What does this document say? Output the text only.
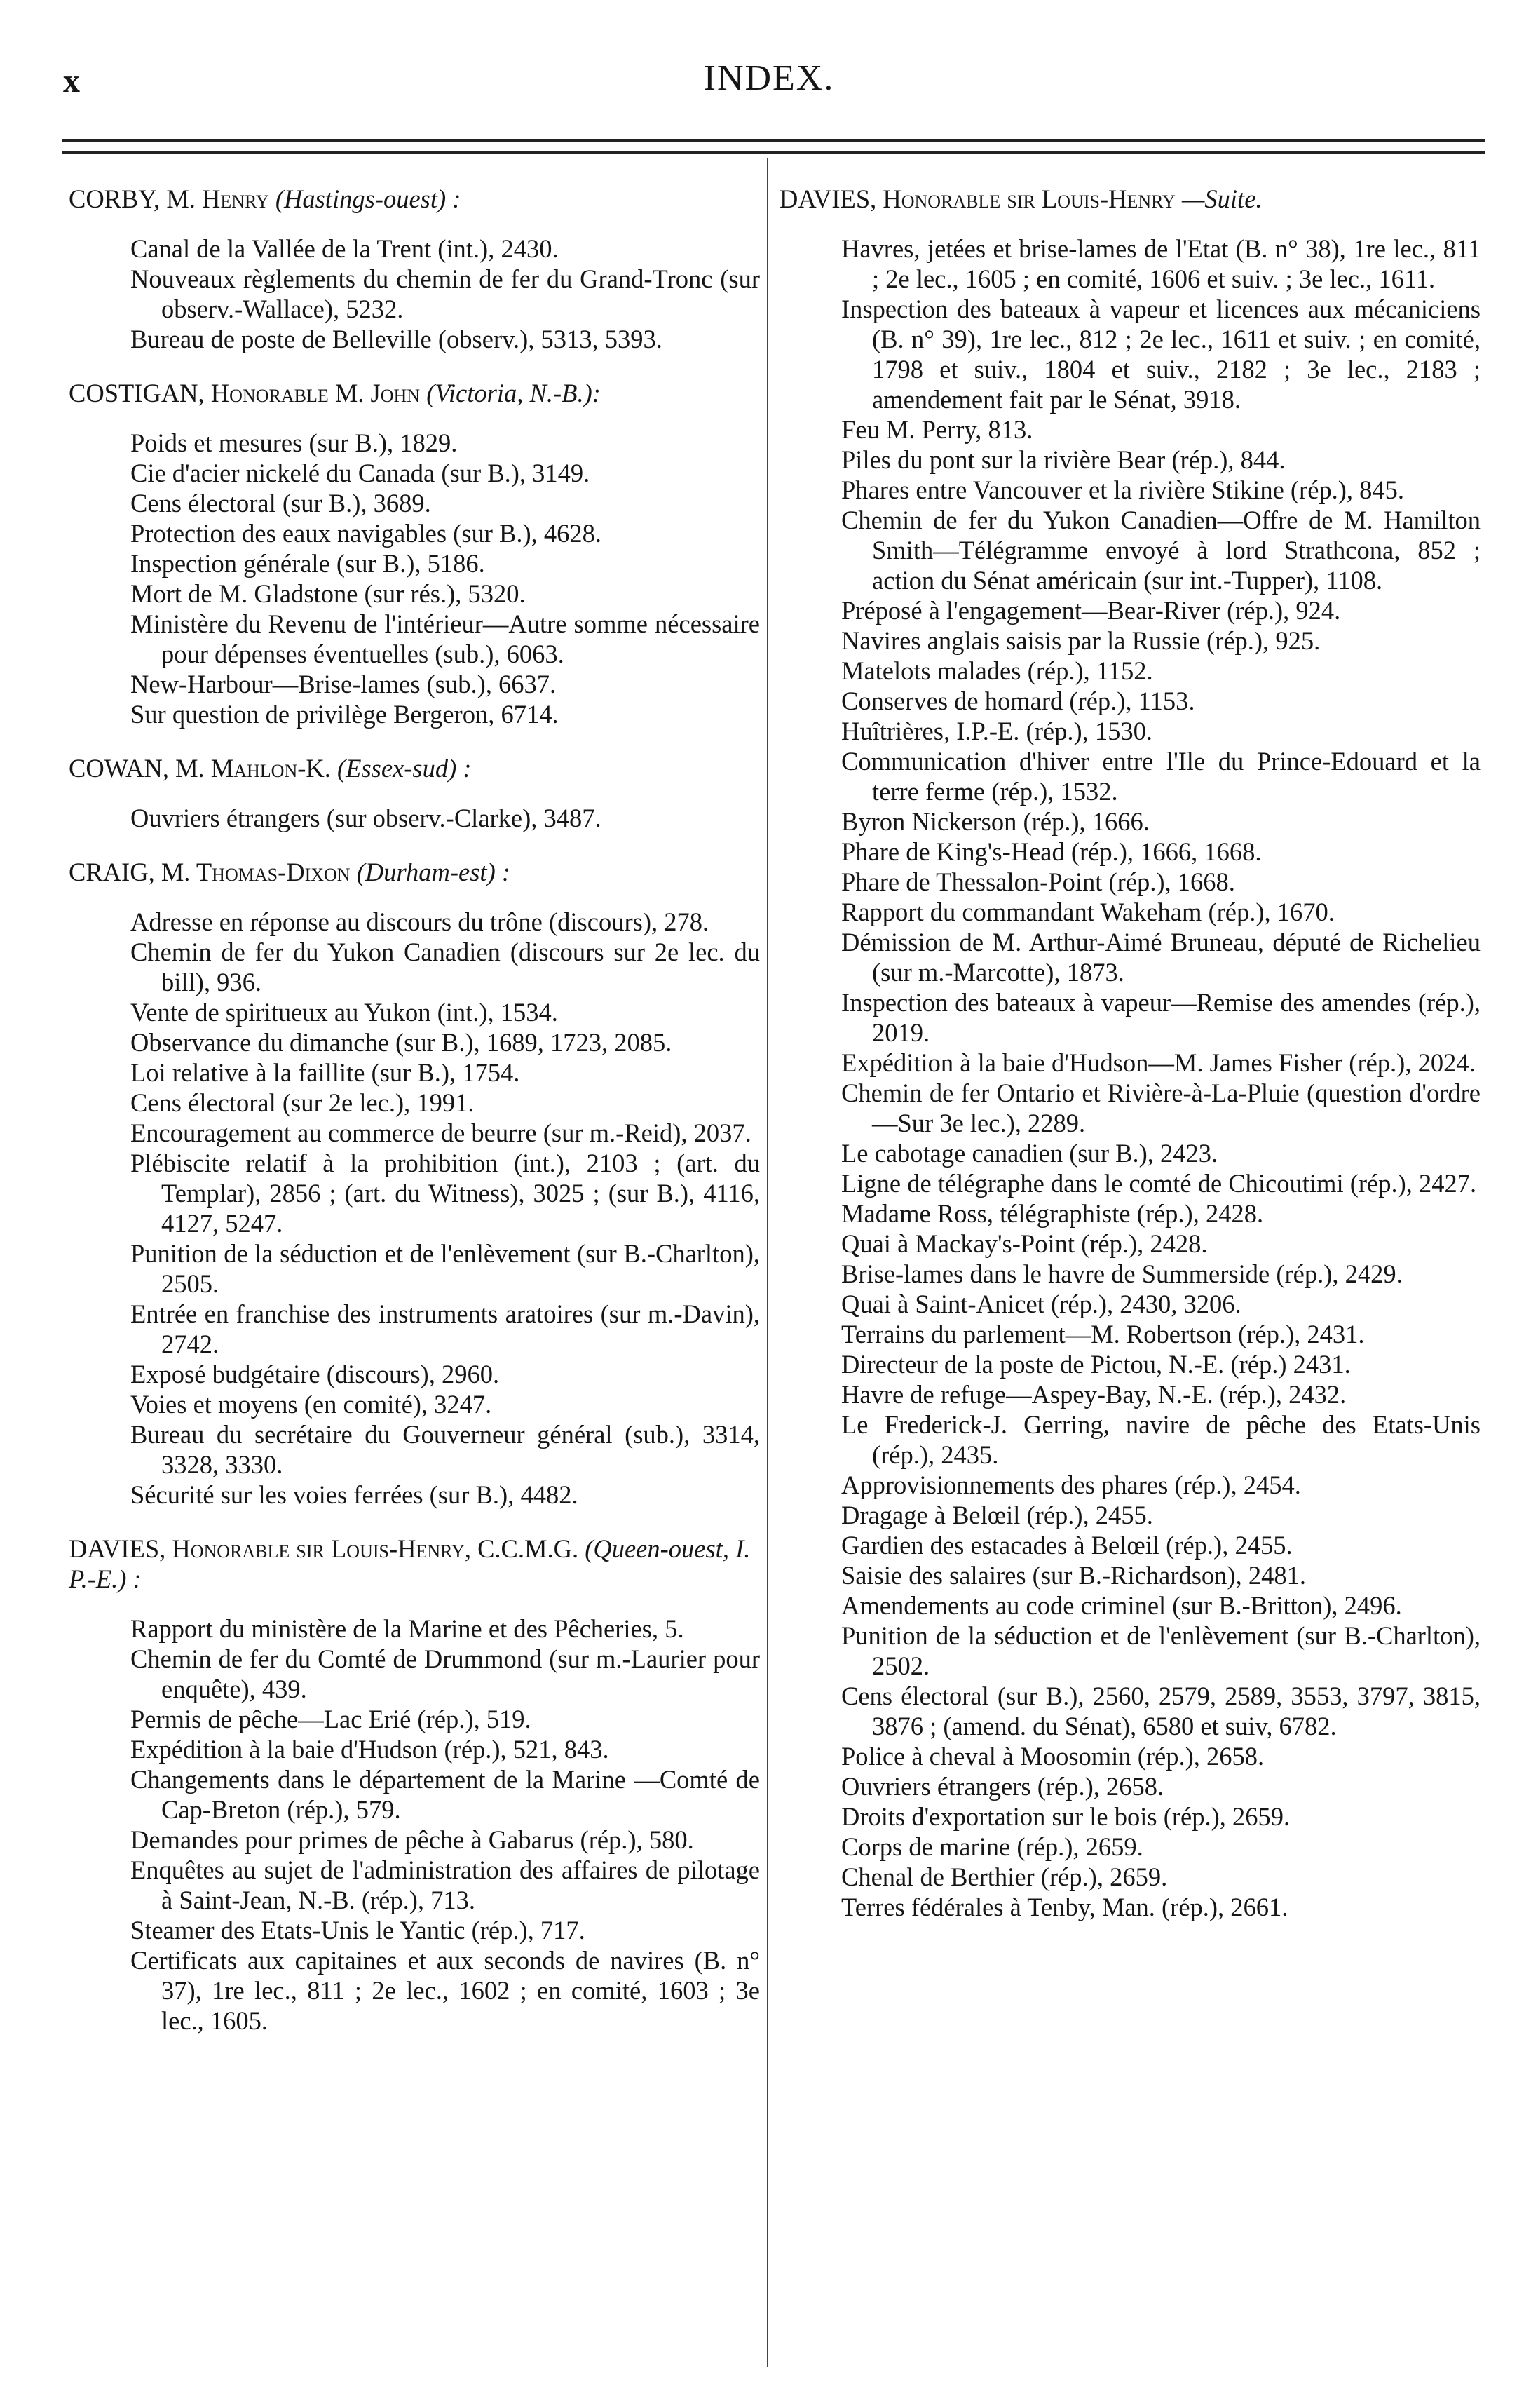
x	INDEX.
CORBY, M. Henry (Hastings-ouest) :
Canal de la Vallée de la Trent (int.), 2430.
Nouveaux règlements du chemin de fer du Grand-Tronc (sur observ.-Wallace), 5232.
Bureau de poste de Belleville (observ.), 5313, 5393.
COSTIGAN, Honorable M. John (Victoria, N.-B.):
Poids et mesures (sur B.), 1829.
Cie d'acier nickelé du Canada (sur B.), 3149.
Cens électoral (sur B.), 3689.
Protection des eaux navigables (sur B.), 4628.
Inspection générale (sur B.), 5186.
Mort de M. Gladstone (sur rés.), 5320.
Ministère du Revenu de l'intérieur—Autre somme nécessaire pour dépenses éventuelles (sub.), 6063.
New-Harbour—Brise-lames (sub.), 6637.
Sur question de privilège Bergeron, 6714.
COWAN, M. Mahlon-K. (Essex-sud) :
Ouvriers étrangers (sur observ.-Clarke), 3487.
CRAIG, M. Thomas-Dixon (Durham-est) :
Adresse en réponse au discours du trône (discours), 278.
Chemin de fer du Yukon Canadien (discours sur 2e lec. du bill), 936.
Vente de spiritueux au Yukon (int.), 1534.
Observance du dimanche (sur B.), 1689, 1723, 2085.
Loi relative à la faillite (sur B.), 1754.
Cens électoral (sur 2e lec.), 1991.
Encouragement au commerce de beurre (sur m.-Reid), 2037.
Plébiscite relatif à la prohibition (int.), 2103 ; (art. du Templar), 2856 ; (art. du Witness), 3025 ; (sur B.), 4116, 4127, 5247.
Punition de la séduction et de l'enlèvement (sur B.-Charlton), 2505.
Entrée en franchise des instruments aratoires (sur m.-Davin), 2742.
Exposé budgétaire (discours), 2960.
Voies et moyens (en comité), 3247.
Bureau du secrétaire du Gouverneur général (sub.), 3314, 3328, 3330.
Sécurité sur les voies ferrées (sur B.), 4482.
DAVIES, Honorable sir Louis-Henry, C.C.M.G. (Queen-ouest, I. P.-E.) :
Rapport du ministère de la Marine et des Pêcheries, 5.
Chemin de fer du Comté de Drummond (sur m.-Laurier pour enquête), 439.
Permis de pêche—Lac Erié (rép.), 519.
Expédition à la baie d'Hudson (rép.), 521, 843.
Changements dans le département de la Marine —Comté de Cap-Breton (rép.), 579.
Demandes pour primes de pêche à Gabarus (rép.), 580.
Enquêtes au sujet de l'administration des affaires de pilotage à Saint-Jean, N.-B. (rép.), 713.
Steamer des Etats-Unis le Yantic (rép.), 717.
Certificats aux capitaines et aux seconds de navires (B. n° 37), 1re lec., 811 ; 2e lec., 1602 ; en comité, 1603 ; 3e lec., 1605.
DAVIES, Honorable sir Louis-Henry —Suite.
Havres, jetées et brise-lames de l'Etat (B. n° 38), 1re lec., 811 ; 2e lec., 1605 ; en comité, 1606 et suiv. ; 3e lec., 1611.
Inspection des bateaux à vapeur et licences aux mécaniciens (B. n° 39), 1re lec., 812 ; 2e lec., 1611 et suiv. ; en comité, 1798 et suiv., 1804 et suiv., 2182 ; 3e lec., 2183 ; amendement fait par le Sénat, 3918.
Feu M. Perry, 813.
Piles du pont sur la rivière Bear (rép.), 844.
Phares entre Vancouver et la rivière Stikine (rép.), 845.
Chemin de fer du Yukon Canadien—Offre de M. Hamilton Smith—Télégramme envoyé à lord Strathcona, 852 ; action du Sénat américain (sur int.-Tupper), 1108.
Préposé à l'engagement—Bear-River (rép.), 924.
Navires anglais saisis par la Russie (rép.), 925.
Matelots malades (rép.), 1152.
Conserves de homard (rép.), 1153.
Huîtrières, I.P.-E. (rép.), 1530.
Communication d'hiver entre l'Ile du Prince-Edouard et la terre ferme (rép.), 1532.
Byron Nickerson (rép.), 1666.
Phare de King's-Head (rép.), 1666, 1668.
Phare de Thessalon-Point (rép.), 1668.
Rapport du commandant Wakeham (rép.), 1670.
Démission de M. Arthur-Aimé Bruneau, député de Richelieu (sur m.-Marcotte), 1873.
Inspection des bateaux à vapeur—Remise des amendes (rép.), 2019.
Expédition à la baie d'Hudson—M. James Fisher (rép.), 2024.
Chemin de fer Ontario et Rivière-à-La-Pluie (question d'ordre—Sur 3e lec.), 2289.
Le cabotage canadien (sur B.), 2423.
Ligne de télégraphe dans le comté de Chicoutimi (rép.), 2427.
Madame Ross, télégraphiste (rép.), 2428.
Quai à Mackay's-Point (rép.), 2428.
Brise-lames dans le havre de Summerside (rép.), 2429.
Quai à Saint-Anicet (rép.), 2430, 3206.
Terrains du parlement—M. Robertson (rép.), 2431.
Directeur de la poste de Pictou, N.-E. (rép.) 2431.
Havre de refuge—Aspey-Bay, N.-E. (rép.), 2432.
Le Frederick-J. Gerring, navire de pêche des Etats-Unis (rép.), 2435.
Approvisionnements des phares (rép.), 2454.
Dragage à Belœil (rép.), 2455.
Gardien des estacades à Belœil (rép.), 2455.
Saisie des salaires (sur B.-Richardson), 2481.
Amendements au code criminel (sur B.-Britton), 2496.
Punition de la séduction et de l'enlèvement (sur B.-Charlton), 2502.
Cens électoral (sur B.), 2560, 2579, 2589, 3553, 3797, 3815, 3876 ; (amend. du Sénat), 6580 et suiv, 6782.
Police à cheval à Moosomin (rép.), 2658.
Ouvriers étrangers (rép.), 2658.
Droits d'exportation sur le bois (rép.), 2659.
Corps de marine (rép.), 2659.
Chenal de Berthier (rép.), 2659.
Terres fédérales à Tenby, Man. (rép.), 2661.
